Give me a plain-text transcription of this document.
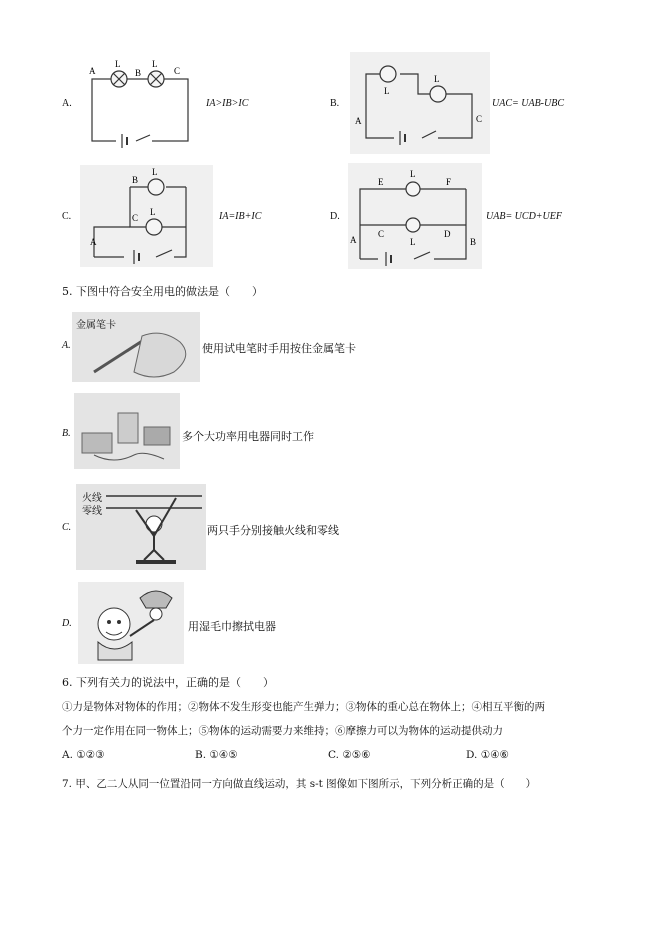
A.
A	B	C
L	L
IA>IB>IC	B.
L
L
A	C
UAC= UAB-UBC
C.
B
L
C
L
A
IA=IB+IC	D.
E
L
F
C
L
D
A	B
UAB= UCD+UEF
5. 下图中符合安全用电的做法是（　　）
A.
金属笔卡
使用试电笔时手用按住金属笔卡
B.	多个大功率用电器同时工作
C.
火线
零线
两只手分别接触火线和零线
D.	用湿毛巾擦拭电器
6. 下列有关力的说法中，正确的是（　　）
①力是物体对物体的作用；②物体不发生形变也能产生弹力；③物体的重心总在物体上；④相互平衡的两
个力一定作用在同一物体上；⑤物体的运动需要力来维持；⑥摩擦力可以为物体的运动提供动力
A. ①②③	B. ①④⑤	C. ②⑤⑥	D. ①④⑥
7. 甲、乙二人从同一位置沿同一方向做直线运动，其 s-t 图像如下图所示，下列分析正确的是（　　）
